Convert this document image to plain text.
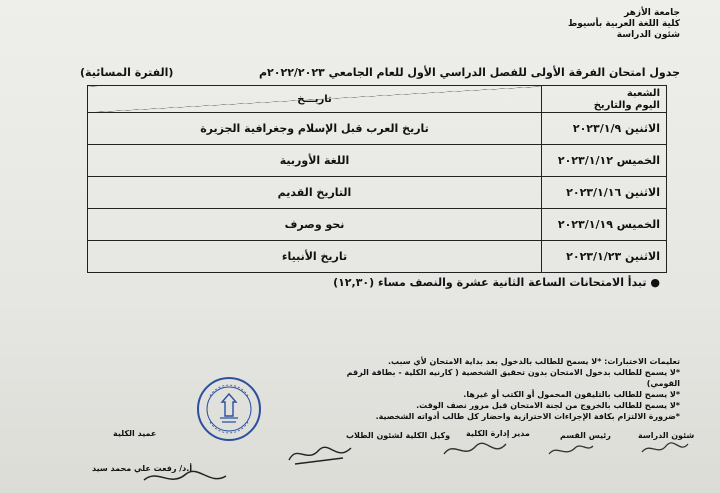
جامعة الأزهر
كلية اللغة العربية بأسيوط
شئون الدراسة
جدول امتحان الفرقة الأولى للفصل الدراسي الأول للعام الجامعي ٢٠٢٢/٢٠٢٣م
(الفترة المسائية)
الشعبة
اليوم والتاريخ	تاريـــخ
الاثنين ٢٠٢٣/١/٩	تاريخ العرب قبل الإسلام وجغرافية الجزيرة
الخميس ٢٠٢٣/١/١٢	اللغة الأوربية
الاثنين ٢٠٢٣/١/١٦	التاريخ القديم
الخميس ٢٠٢٣/١/١٩	نحو وصرف
الاثنين ٢٠٢٣/١/٢٣	تاريخ الأنبياء
● تبدأ الامتحانات الساعة الثانية عشرة والنصف مساء (١٢,٣٠)
تعليمات الاختبارات: *لا يسمح للطالب بالدخول بعد بداية الامتحان لأي سبب.
*لا يسمح للطالب بدخول الامتحان بدون تحقيق الشخصية ( كارنيه الكلية - بطاقة الرقم القومي)
*لا يسمح للطالب بالتليفون المحمول أو الكتب أو غيرها.
*لا يسمح للطالب بالخروج من لجنة الامتحان قبل مرور نصف الوقت.
*ضرورة الالتزام بكافة الإجراءات الاحترازية واحضار كل طالب أدواته الشخصية.
شئون الدراسة
رئيس القسم
مدير إدارة الكلية
وكيل الكلية لشئون الطلاب
عميد الكلية
أ.د/ رفعت علي محمد سيد
